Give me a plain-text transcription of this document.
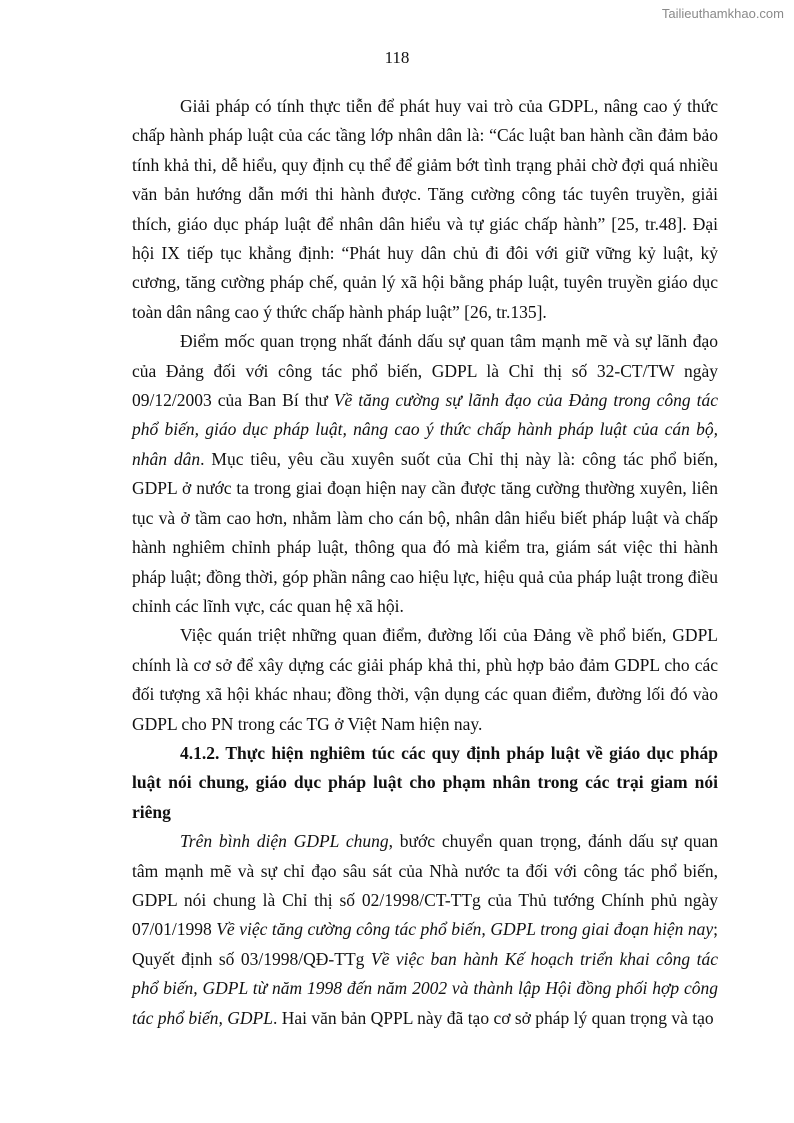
Tailieuthamkhao.com
118

Giải pháp có tính thực tiễn để phát huy vai trò của GDPL, nâng cao ý thức chấp hành pháp luật của các tầng lớp nhân dân là: “Các luật ban hành cần đảm bảo tính khả thi, dễ hiểu, quy định cụ thể để giảm bớt tình trạng phải chờ đợi quá nhiều văn bản hướng dẫn mới thi hành được. Tăng cường công tác tuyên truyền, giải thích, giáo dục pháp luật để nhân dân hiểu và tự giác chấp hành” [25, tr.48]. Đại hội IX tiếp tục khẳng định: “Phát huy dân chủ đi đôi với giữ vững kỷ luật, kỷ cương, tăng cường pháp chế, quản lý xã hội bằng pháp luật, tuyên truyền giáo dục toàn dân nâng cao ý thức chấp hành pháp luật” [26, tr.135].

Điểm mốc quan trọng nhất đánh dấu sự quan tâm mạnh mẽ và sự lãnh đạo của Đảng đối với công tác phổ biến, GDPL là Chỉ thị số 32-CT/TW ngày 09/12/2003 của Ban Bí thư Về tăng cường sự lãnh đạo của Đảng trong công tác phổ biến, giáo dục pháp luật, nâng cao ý thức chấp hành pháp luật của cán bộ, nhân dân. Mục tiêu, yêu cầu xuyên suốt của Chỉ thị này là: công tác phổ biến, GDPL ở nước ta trong giai đoạn hiện nay cần được tăng cường thường xuyên, liên tục và ở tầm cao hơn, nhằm làm cho cán bộ, nhân dân hiểu biết pháp luật và chấp hành nghiêm chỉnh pháp luật, thông qua đó mà kiểm tra, giám sát việc thi hành pháp luật; đồng thời, góp phần nâng cao hiệu lực, hiệu quả của pháp luật trong điều chỉnh các lĩnh vực, các quan hệ xã hội.

Việc quán triệt những quan điểm, đường lối của Đảng về phổ biến, GDPL chính là cơ sở để xây dựng các giải pháp khả thi, phù hợp bảo đảm GDPL cho các đối tượng xã hội khác nhau; đồng thời, vận dụng các quan điểm, đường lối đó vào GDPL cho PN trong các TG ở Việt Nam hiện nay.

4.1.2. Thực hiện nghiêm túc các quy định pháp luật về giáo dục pháp luật nói chung, giáo dục pháp luật cho phạm nhân trong các trại giam nói riêng

Trên bình diện GDPL chung, bước chuyển quan trọng, đánh dấu sự quan tâm mạnh mẽ và sự chỉ đạo sâu sát của Nhà nước ta đối với công tác phổ biến, GDPL nói chung là Chỉ thị số 02/1998/CT-TTg của Thủ tướng Chính phủ ngày 07/01/1998 Về việc tăng cường công tác phổ biến, GDPL trong giai đoạn hiện nay; Quyết định số 03/1998/QĐ-TTg Về việc ban hành Kế hoạch triển khai công tác phổ biến, GDPL từ năm 1998 đến năm 2002 và thành lập Hội đồng phối hợp công tác phổ biến, GDPL. Hai văn bản QPPL này đã tạo cơ sở pháp lý quan trọng và tạo
